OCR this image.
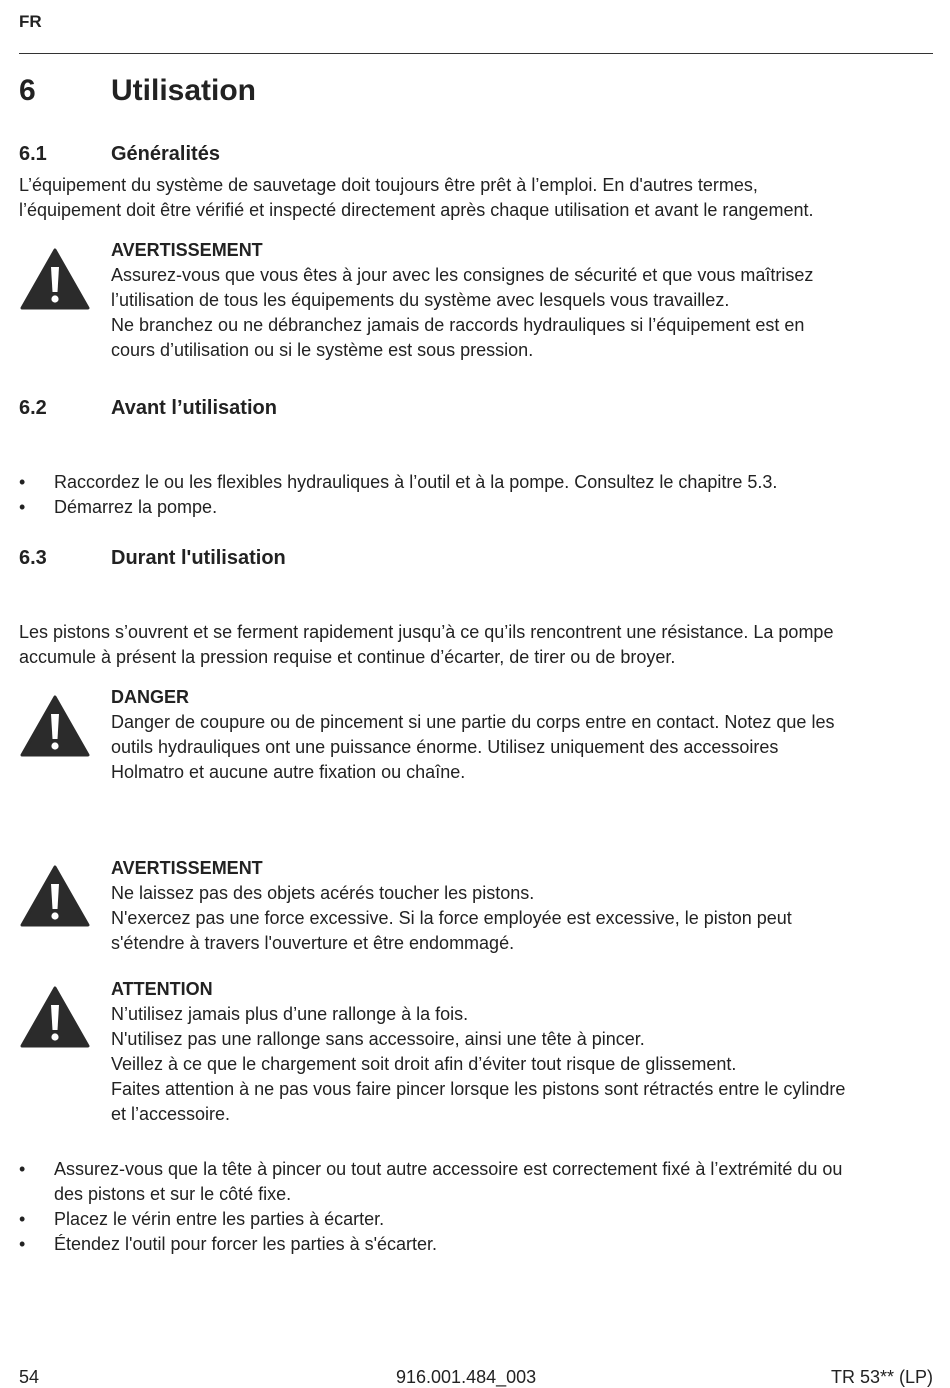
FR
6	Utilisation
6.1	Généralités
L’équipement du système de sauvetage doit toujours être prêt à l’emploi. En d'autres termes,
l’équipement doit être vérifié et inspecté directement après chaque utilisation et avant le rangement.
AVERTISSEMENT
Assurez-vous que vous êtes à jour avec les consignes de sécurité et que vous maîtrisez
l’utilisation de tous les équipements du système avec lesquels vous travaillez.
Ne branchez ou ne débranchez jamais de raccords hydrauliques si l’équipement est en
cours d’utilisation ou si le système est sous pression.
6.2	Avant l’utilisation
• Raccordez le ou les flexibles hydrauliques à l’outil et à la pompe. Consultez le chapitre 5.3.
• Démarrez la pompe.
6.3	Durant l'utilisation
Les pistons s’ouvrent et se ferment rapidement jusqu’à ce qu’ils rencontrent une résistance. La pompe
accumule à présent la pression requise et continue d’écarter, de tirer ou de broyer.
DANGER
Danger de coupure ou de pincement si une partie du corps entre en contact. Notez que les
outils hydrauliques ont une puissance énorme. Utilisez uniquement des accessoires
Holmatro et aucune autre fixation ou chaîne.
AVERTISSEMENT
Ne laissez pas des objets acérés toucher les pistons.
N'exercez pas une force excessive. Si la force employée est excessive, le piston peut
s'étendre à travers l'ouverture et être endommagé.
ATTENTION
N’utilisez jamais plus d’une rallonge à la fois.
N'utilisez pas une rallonge sans accessoire, ainsi une tête à pincer.
Veillez à ce que le chargement soit droit afin d’éviter tout risque de glissement.
Faites attention à ne pas vous faire pincer lorsque les pistons sont rétractés entre le cylindre
et l’accessoire.
• Assurez-vous que la tête à pincer ou tout autre accessoire est correctement fixé à l’extrémité du ou
des pistons et sur le côté fixe.
• Placez le vérin entre les parties à écarter.
• Étendez l'outil pour forcer les parties à s'écarter.
54	916.001.484_003	TR 53** (LP)
